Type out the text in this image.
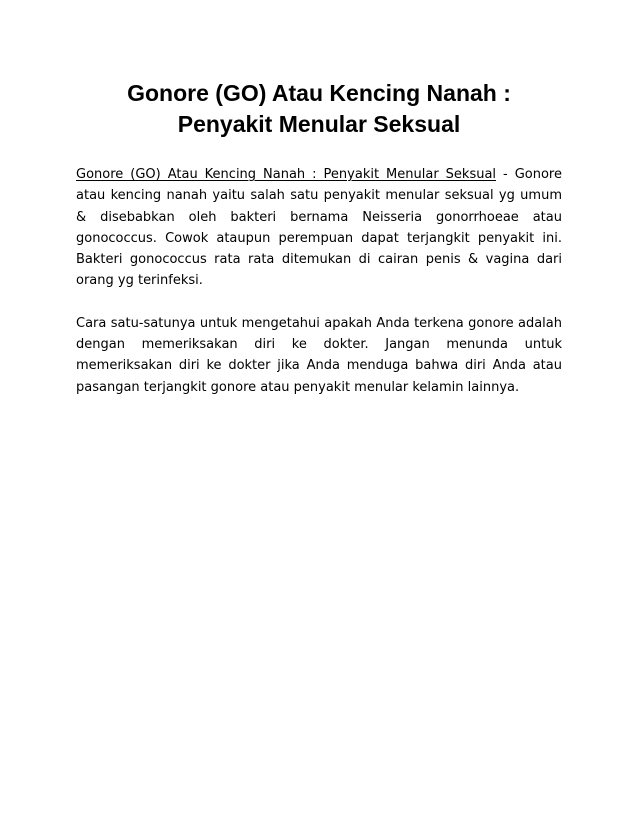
Gonore (GO) Atau Kencing Nanah :
Penyakit Menular Seksual

Gonore (GO) Atau Kencing Nanah : Penyakit Menular Seksual - Gonore atau kencing nanah yaitu salah satu penyakit menular seksual yg umum & disebabkan oleh bakteri bernama Neisseria gonorrhoeae atau gonococcus. Cowok ataupun perempuan dapat terjangkit penyakit ini. Bakteri gonococcus rata rata ditemukan di cairan penis & vagina dari orang yg terinfeksi.

Cara satu-satunya untuk mengetahui apakah Anda terkena gonore adalah dengan memeriksakan diri ke dokter. Jangan menunda untuk memeriksakan diri ke dokter jika Anda menduga bahwa diri Anda atau pasangan terjangkit gonore atau penyakit menular kelamin lainnya.
